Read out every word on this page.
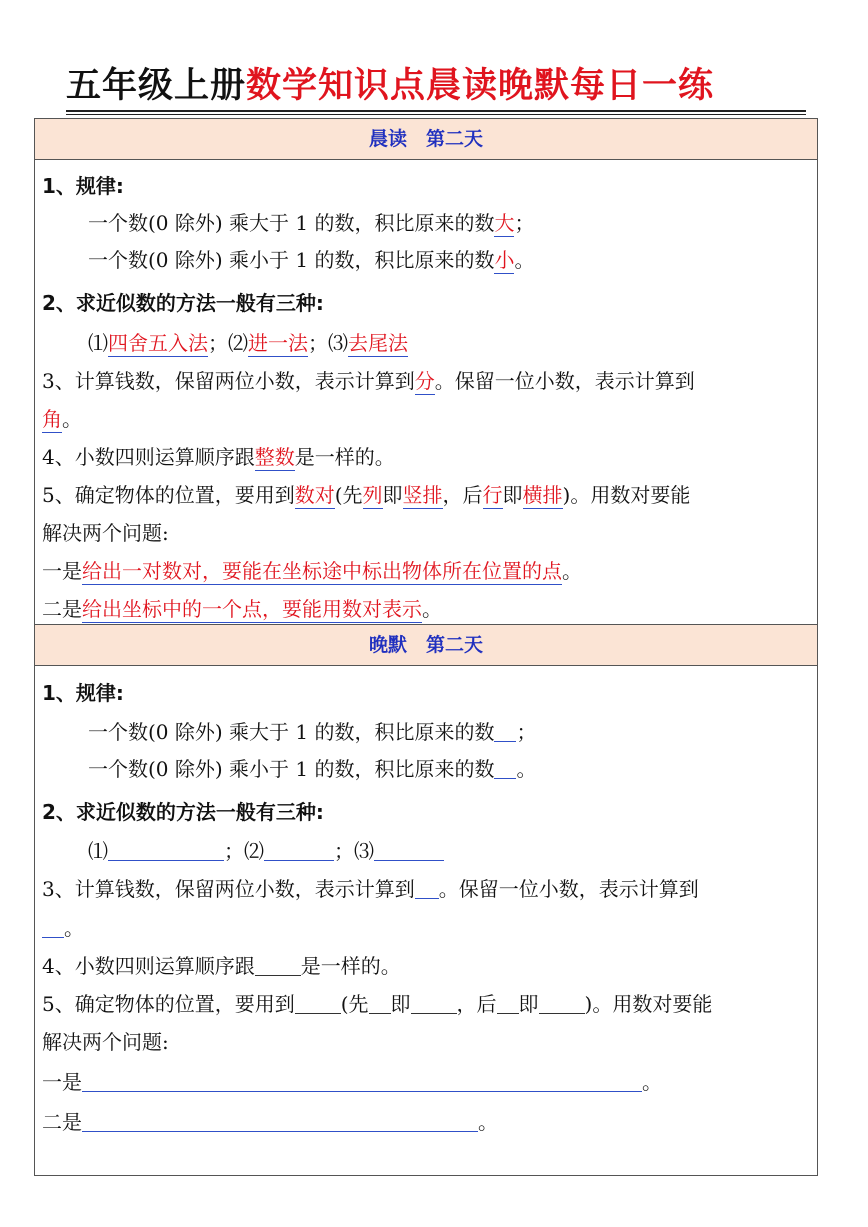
五年级上册数学知识点晨读晚默每日一练
晨读　第二天
1、规律:
一个数(0 除外) 乘大于 1 的数，积比原来的数大；
一个数(0 除外) 乘小于 1 的数，积比原来的数小。
2、求近似数的方法一般有三种:
⑴四舍五入法；⑵进一法；⑶去尾法
3、计算钱数，保留两位小数，表示计算到分。保留一位小数，表示计算到
角。
4、小数四则运算顺序跟整数是一样的。
5、确定物体的位置，要用到数对(先列即竖排，后行即横排)。用数对要能
解决两个问题:
一是给出一对数对，要能在坐标途中标出物体所在位置的点。
二是给出坐标中的一个点，要能用数对表示。
晚默　第二天
1、规律:
一个数(0 除外) 乘大于 1 的数，积比原来的数 ；
一个数(0 除外) 乘小于 1 的数，积比原来的数 。
2、求近似数的方法一般有三种:
⑴	；⑵	；⑶
3、计算钱数，保留两位小数，表示计算到 。保留一位小数，表示计算到
。
4、小数四则运算顺序跟 是一样的。
5、确定物体的位置，要用到 (先 即 ，后 即 )。用数对要能
解决两个问题:
一是	。
二是	。
